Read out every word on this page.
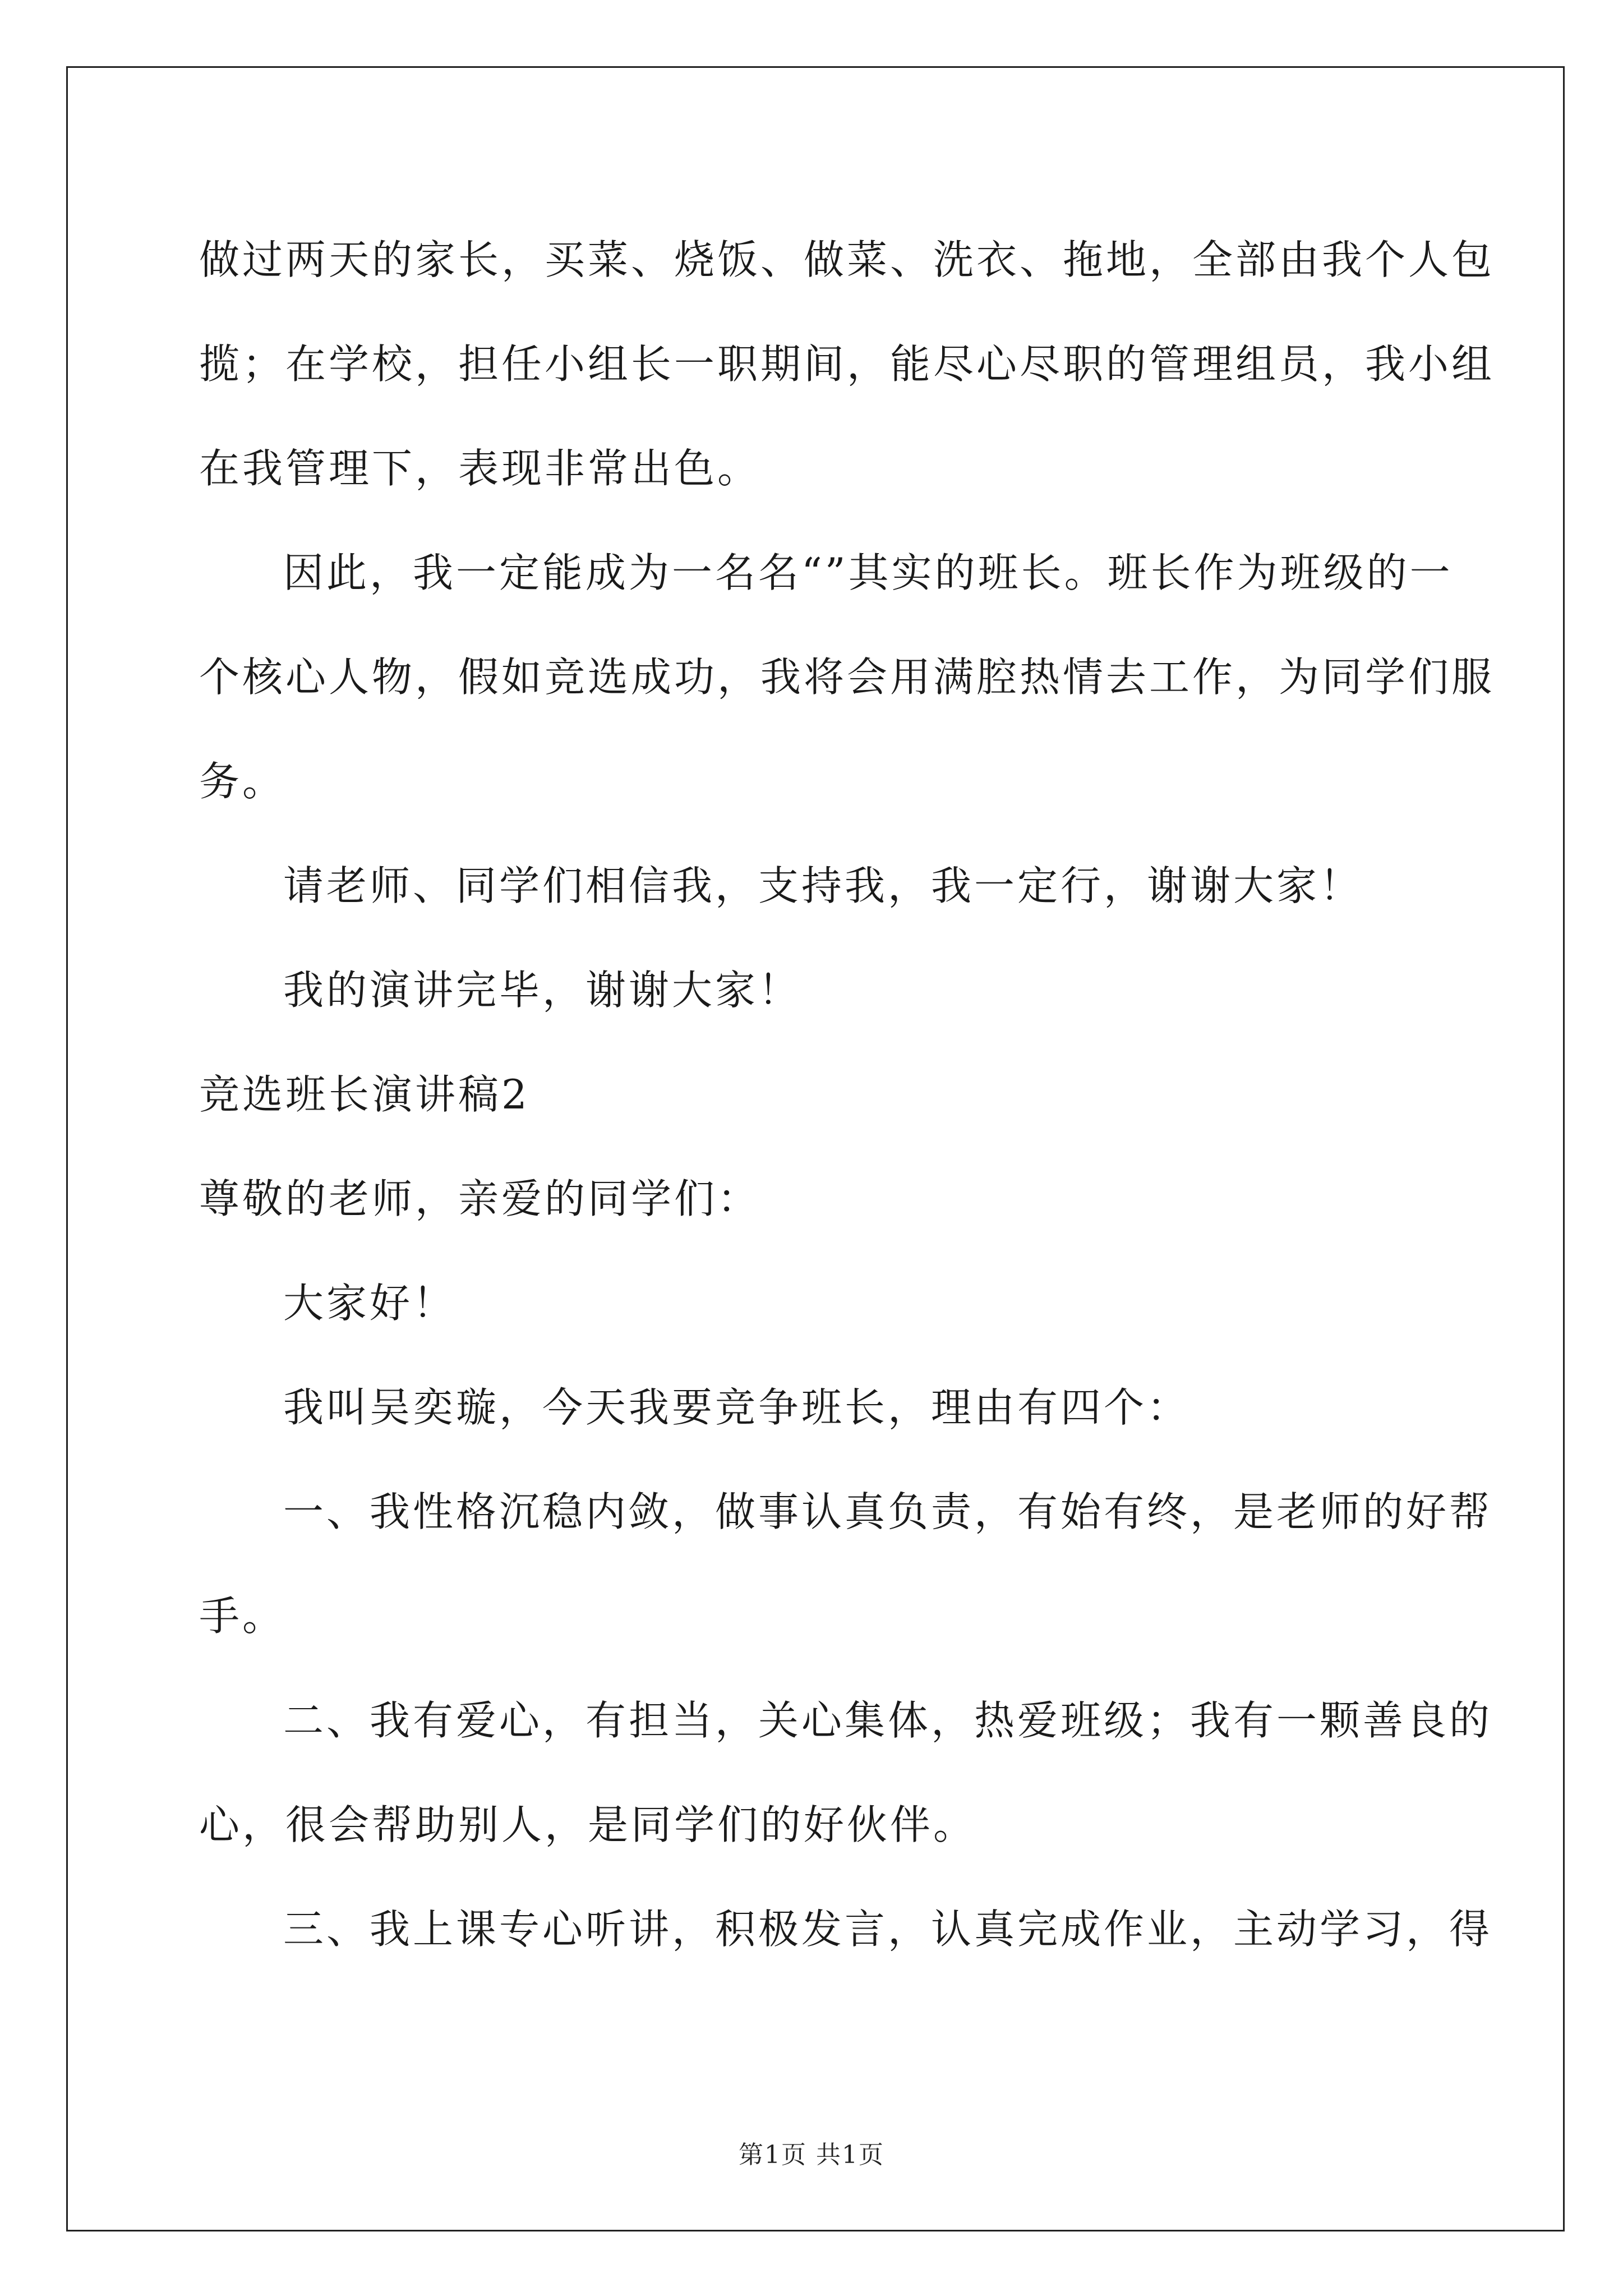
做过两天的家长，买菜、烧饭、做菜、洗衣、拖地，全部由我个人包
揽；在学校，担任小组长一职期间，能尽心尽职的管理组员，我小组
在我管理下，表现非常出色。
因此，我一定能成为一名名“”其实的班长。班长作为班级的一
个核心人物，假如竞选成功，我将会用满腔热情去工作，为同学们服
务。
请老师、同学们相信我，支持我，我一定行，谢谢大家！
我的演讲完毕，谢谢大家！
竞选班长演讲稿2
尊敬的老师，亲爱的同学们：
大家好！
我叫吴奕璇，今天我要竞争班长，理由有四个：
一、我性格沉稳内敛，做事认真负责，有始有终，是老师的好帮
手。
二、我有爱心，有担当，关心集体，热爱班级；我有一颗善良的
心，很会帮助别人，是同学们的好伙伴。
三、我上课专心听讲，积极发言，认真完成作业，主动学习，得
第1页 共1页
